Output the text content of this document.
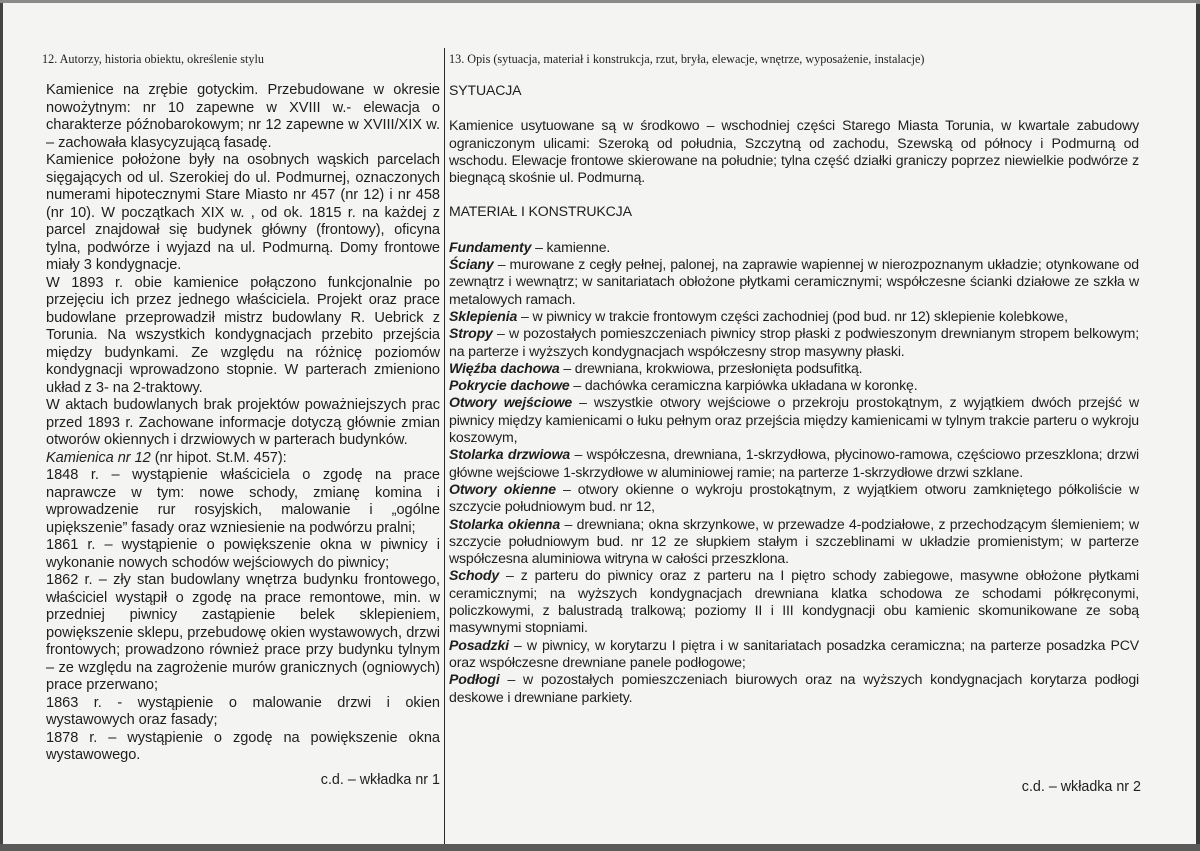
12. Autorzy, historia obiektu, określenie stylu

Kamienice na zrębie gotyckim. Przebudowane w okresie nowożytnym: nr 10 zapewne w XVIII w.- elewacja o charakterze późnobarokowym; nr 12 zapewne w XVIII/XIX w. – zachowała klasycyzującą fasadę.

Kamienice położone były na osobnych wąskich parcelach sięgających od ul. Szerokiej do ul. Podmurnej, oznaczonych numerami hipotecznymi Stare Miasto nr 457 (nr 12) i nr 458 (nr 10). W początkach XIX w. , od ok. 1815 r. na każdej z parcel znajdował się budynek główny (frontowy), oficyna tylna, podwórze i wyjazd na ul. Podmurną. Domy frontowe miały 3 kondygnacje.

W 1893 r. obie kamienice połączono funkcjonalnie po przejęciu ich przez jednego właściciela. Projekt oraz prace budowlane przeprowadził mistrz budowlany R. Uebrick z Torunia. Na wszystkich kondygnacjach przebito przejścia między budynkami. Ze względu na różnicę poziomów kondygnacji wprowadzono stopnie. W parterach zmieniono układ z 3- na 2-traktowy.

W aktach budowlanych brak projektów poważniejszych prac przed 1893 r. Zachowane informacje dotyczą głównie zmian otworów okiennych i drzwiowych w parterach budynków.

Kamienica nr 12 (nr hipot. St.M. 457):

1848 r. – wystąpienie właściciela o zgodę na prace naprawcze w tym: nowe schody, zmianę komina i wprowadzenie rur rosyjskich, malowanie i „ogólne upiększenie” fasady oraz wzniesienie na podwórzu pralni;

1861 r. – wystąpienie o powiększenie okna w piwnicy i wykonanie nowych schodów wejściowych do piwnicy;

1862 r. – zły stan budowlany wnętrza budynku frontowego, właściciel wystąpił o zgodę na prace remontowe, min. w przedniej piwnicy zastąpienie belek sklepieniem, powiększenie sklepu, przebudowę okien wystawowych, drzwi frontowych; prowadzono również prace przy budynku tylnym – ze względu na zagrożenie murów granicznych (ogniowych) prace przerwano;

1863 r. - wystąpienie o malowanie drzwi i okien wystawowych oraz fasady;

1878 r. – wystąpienie o zgodę na powiększenie okna wystawowego.

c.d. – wkładka nr 1
13. Opis (sytuacja, materiał i konstrukcja, rzut, bryła, elewacje, wnętrze, wyposażenie, instalacje)

SYTUACJA

Kamienice usytuowane są w środkowo – wschodniej części Starego Miasta Torunia, w kwartale zabudowy ograniczonym ulicami: Szeroką od południa, Szczytną od zachodu, Szewską od północy i Podmurną od wschodu. Elewacje frontowe skierowane na południe; tylna część działki graniczy poprzez niewielkie podwórze z biegnącą skośnie ul. Podmurną.

MATERIAŁ I KONSTRUKCJA

Fundamenty – kamienne.

Ściany – murowane z cegły pełnej, palonej, na zaprawie wapiennej w nierozpoznanym układzie; otynkowane od zewnątrz i wewnątrz; w sanitariatach obłożone płytkami ceramicznymi; współczesne ścianki działowe ze szkła w metalowych ramach.

Sklepienia – w piwnicy w trakcie frontowym części zachodniej (pod bud. nr 12) sklepienie kolebkowe,

Stropy – w pozostałych pomieszczeniach piwnicy strop płaski z podwieszonym drewnianym stropem belkowym; na parterze i wyższych kondygnacjach współczesny strop masywny płaski.

Więźba dachowa – drewniana, krokwiowa, przesłonięta podsufitką.

Pokrycie dachowe – dachówka ceramiczna karpiówka układana w koronkę.

Otwory wejściowe – wszystkie otwory wejściowe o przekroju prostokątnym, z wyjątkiem dwóch przejść w piwnicy między kamienicami o łuku pełnym oraz przejścia między kamienicami w tylnym trakcie parteru o wykroju koszowym,

Stolarka drzwiowa – współczesna, drewniana, 1-skrzydłowa, płycinowo-ramowa, częściowo przeszklona; drzwi główne wejściowe 1-skrzydłowe w aluminiowej ramie; na parterze 1-skrzydłowe drzwi szklane.

Otwory okienne – otwory okienne o wykroju prostokątnym, z wyjątkiem otworu zamkniętego półkoliście w szczycie południowym bud. nr 12,

Stolarka okienna – drewniana; okna skrzynkowe, w przewadze 4-podziałowe, z przechodzącym ślemieniem; w szczycie południowym bud. nr 12 ze słupkiem stałym i szczeblinami w układzie promienistym; w parterze współczesna aluminiowa witryna w całości przeszklona.

Schody – z parteru do piwnicy oraz z parteru na I piętro schody zabiegowe, masywne obłożone płytkami ceramicznymi; na wyższych kondygnacjach drewniana klatka schodowa ze schodami półkręconymi, policzkowymi, z balustradą tralkową; poziomy II i III kondygnacji obu kamienic skomunikowane ze sobą masywnymi stopniami.

Posadzki – w piwnicy, w korytarzu I piętra i w sanitariatach posadzka ceramiczna; na parterze posadzka PCV oraz współczesne drewniane panele podłogowe;

Podłogi – w pozostałych pomieszczeniach biurowych oraz na wyższych kondygnacjach korytarza podłogi deskowe i drewniane parkiety.

c.d. – wkładka nr 2
